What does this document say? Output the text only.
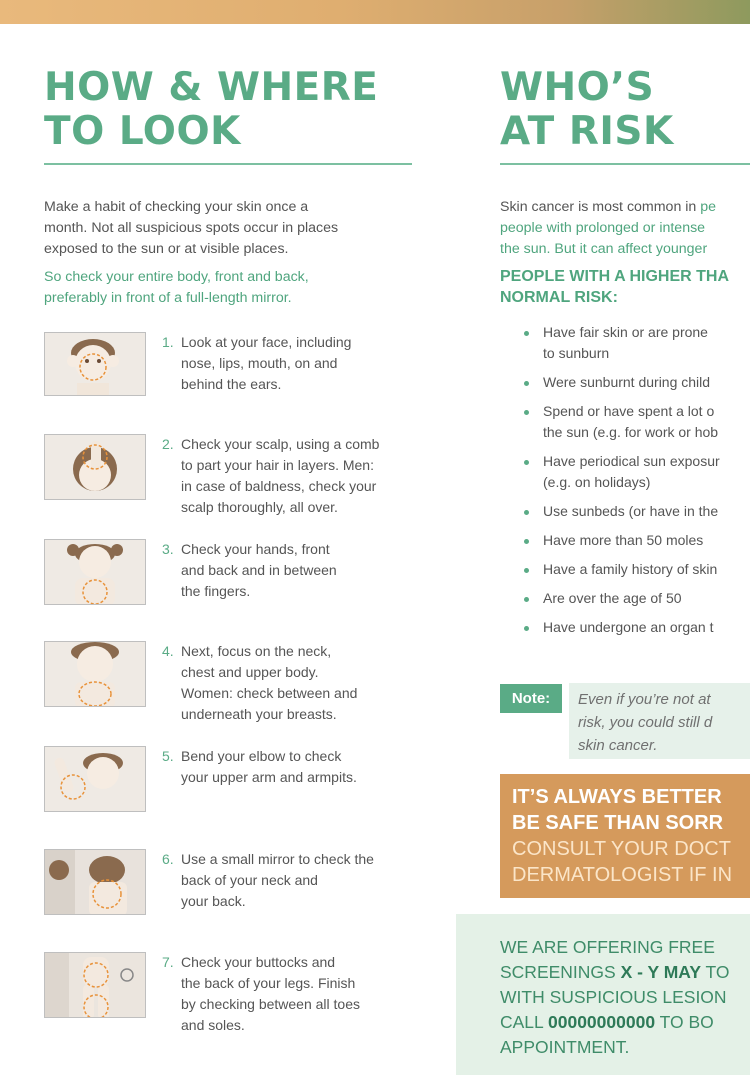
HOW & WHERE
TO LOOK

Make a habit of checking your skin once a
month. Not all suspicious spots occur in places
exposed to the sun or at visible places.

So check your entire body, front and back,
preferably in front of a full-length mirror.

1. Look at your face, including
nose, lips, mouth, on and
behind the ears.
2. Check your scalp, using a comb
to part your hair in layers. Men:
in case of baldness, check your
scalp thoroughly, all over.
3. Check your hands, front
and back and in between
the fingers.
4. Next, focus on the neck,
chest and upper body.
Women: check between and
underneath your breasts.
5. Bend your elbow to check
your upper arm and armpits.
6. Use a small mirror to check the
back of your neck and
your back.
7. Check your buttocks and
the back of your legs. Finish
by checking between all toes
and soles.
WHO’S
AT RISK

Skin cancer is most common in pe
people with prolonged or intense
the sun. But it can affect younger

PEOPLE WITH A HIGHER THA
NORMAL RISK:
Have fair skin or are prone
to sunburn
Were sunburnt during child
Spend or have spent a lot o
the sun (e.g. for work or hob
Have periodical sun exposur
(e.g. on holidays)
Use sunbeds (or have in the
Have more than 50 moles
Have a family history of skin
Are over the age of 50
Have undergone an organ t
Note:	Even if you’re not at
risk, you could still d
skin cancer.

IT’S ALWAYS BETTER
BE SAFE THAN SORR
CONSULT YOUR DOCT
DERMATOLOGIST IF IN
WE ARE OFFERING FREE
SCREENINGS X - Y MAY TO
WITH SUSPICIOUS LESION
CALL 00000000000 TO BO
APPOINTMENT.
